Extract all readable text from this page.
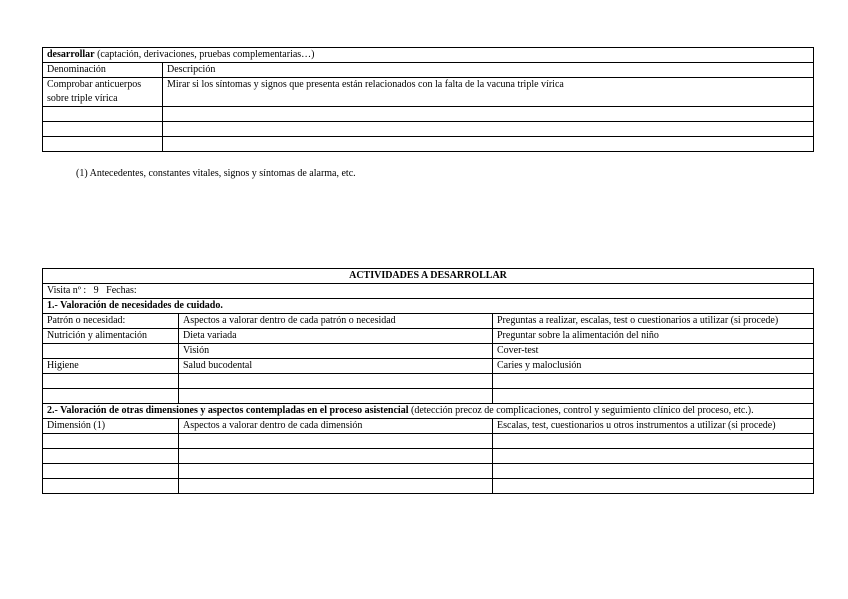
desarrollar (captación, derivaciones, pruebas complementarias…)	
Denominación	Descripción
Comprobar anticuerpos sobre triple vírica	Mirar si los síntomas y signos que presenta están relacionados con la falta de la vacuna triple vírica

(1) Antecedentes, constantes vitales, signos y síntomas de alarma, etc.
ACTIVIDADES A DESARROLLAR		
Visita nº :   9   Fechas:		
1.- Valoración de necesidades de cuidado.		
Patrón o necesidad:	Aspectos a valorar dentro de cada patrón o necesidad	Preguntas a realizar, escalas, test o cuestionarios a utilizar (si procede)
Nutrición y alimentación	Dieta variada	Preguntar sobre la alimentación del niño
	Visión	Cover-test
Higiene	Salud bucodental	Caries y maloclusión

2.- Valoración de otras dimensiones y aspectos contempladas en el proceso asistencial (detección precoz de complicaciones, control y seguimiento clínico del proceso, etc.).		
Dimensión (1)	Aspectos a valorar dentro de cada dimensión	Escalas, test, cuestionarios u otros instrumentos a utilizar (si procede)
